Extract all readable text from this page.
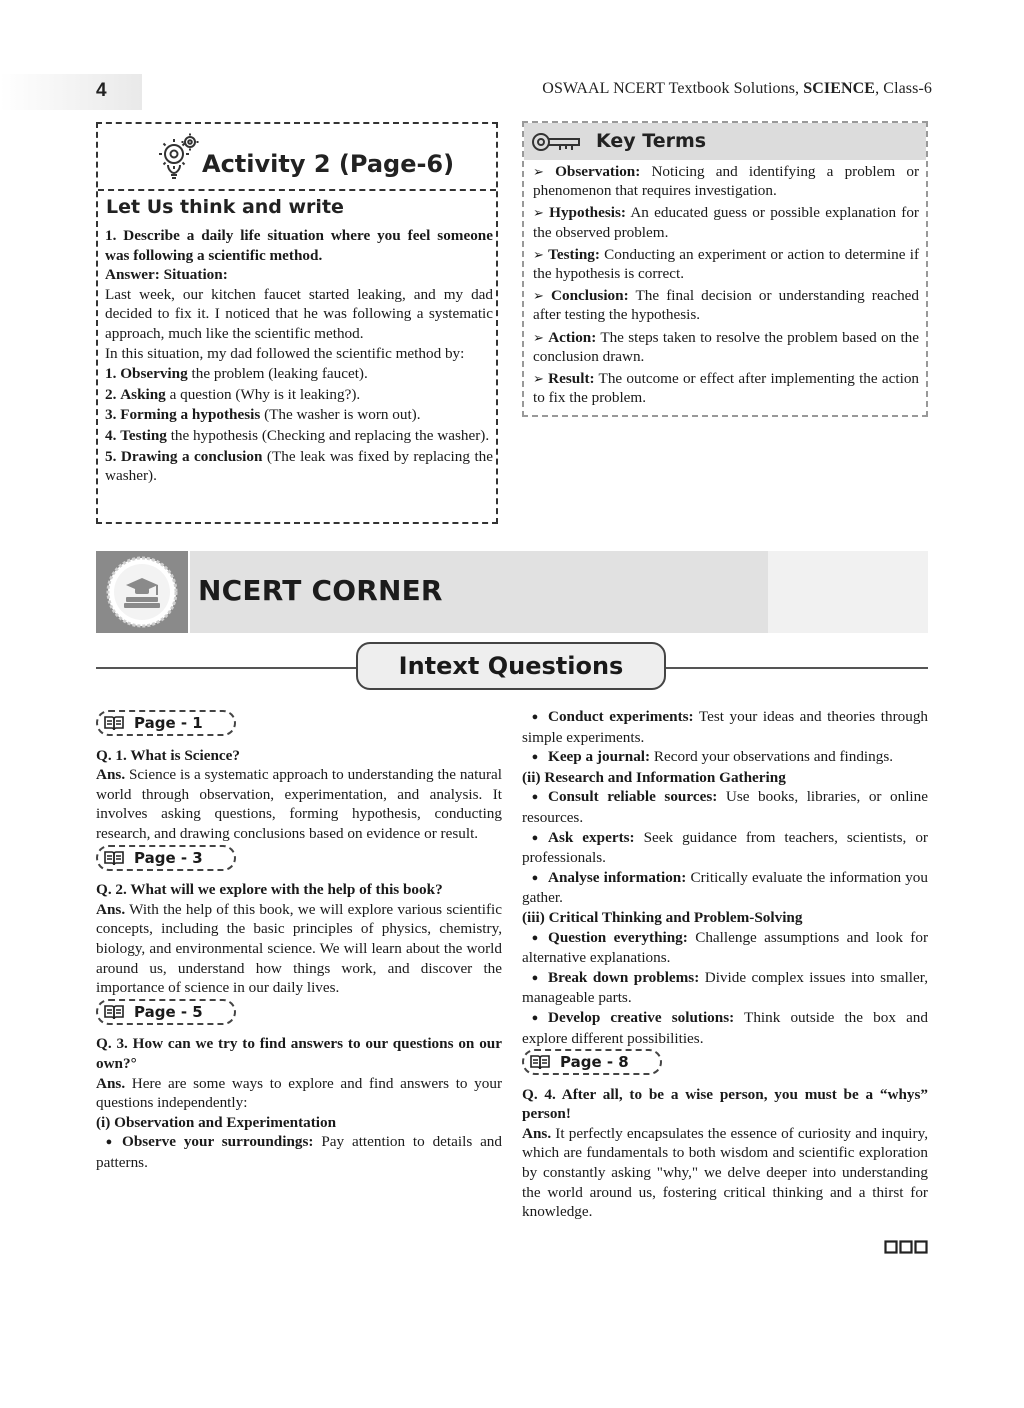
4	OSWAAL NCERT Textbook Solutions, SCIENCE, Class-6
Activity 2 (Page-6)
Let Us think and write

1. Describe a daily life situation where you feel someone was following a scientific method.

Answer: Situation:

Last week, our kitchen faucet started leaking, and my dad decided to fix it. I noticed that he was following a systematic approach, much like the scientific method.

In this situation, my dad followed the scientific method by:

1. Observing the problem (leaking faucet).

2. Asking a question (Why is it leaking?).

3. Forming a hypothesis (The washer is worn out).

4. Testing the hypothesis (Checking and replacing the washer).

5. Drawing a conclusion (The leak was fixed by replacing the washer).

Key Terms

➢ Observation: Noticing and identifying a problem or phenomenon that requires investigation.

➢ Hypothesis: An educated guess or possible explanation for the observed problem.

➢ Testing: Conducting an experiment or action to determine if the hypothesis is correct.

➢ Conclusion: The final decision or understanding reached after testing the hypothesis.

➢ Action: The steps taken to resolve the problem based on the conclusion drawn.

➢ Result: The outcome or effect after implementing the action to fix the problem.

NCERT CORNER
Intext Questions
Page - 1

Q. 1. What is Science?

Ans. Science is a systematic approach to understanding the natural world through observation, experimentation, and analysis. It involves asking questions, forming hypothesis, conducting research, and drawing conclusions based on evidence or result.

Page - 3

Q. 2. What will we explore with the help of this book?

Ans. With the help of this book, we will explore various scientific concepts, including the basic principles of physics, chemistry, biology, and environmental science. We will learn about the world around us, understand how things work, and discover the importance of science in our daily lives.

Page - 5

Q. 3. How can we try to find answers to our questions on our own?°

Ans. Here are some ways to explore and find answers to your questions independently:

(i) Observation and Experimentation

● Observe your surroundings: Pay attention to details and patterns.

● Conduct experiments: Test your ideas and theories through simple experiments.

● Keep a journal: Record your observations and findings.

(ii) Research and Information Gathering

● Consult reliable sources: Use books, libraries, or online resources.

● Ask experts: Seek guidance from teachers, scientists, or professionals.

● Analyse information: Critically evaluate the information you gather.

(iii) Critical Thinking and Problem-Solving

● Question everything: Challenge assumptions and look for alternative explanations.

● Break down problems: Divide complex issues into smaller, manageable parts.

● Develop creative solutions: Think outside the box and explore different possibilities.

Page - 8

Q. 4. After all, to be a wise person, you must be a “whys” person!

Ans. It perfectly encapsulates the essence of curiosity and inquiry, which are fundamentals to both wisdom and scientific exploration by constantly asking "why," we delve deeper into understanding the world around us, fostering critical thinking and a thirst for knowledge.
